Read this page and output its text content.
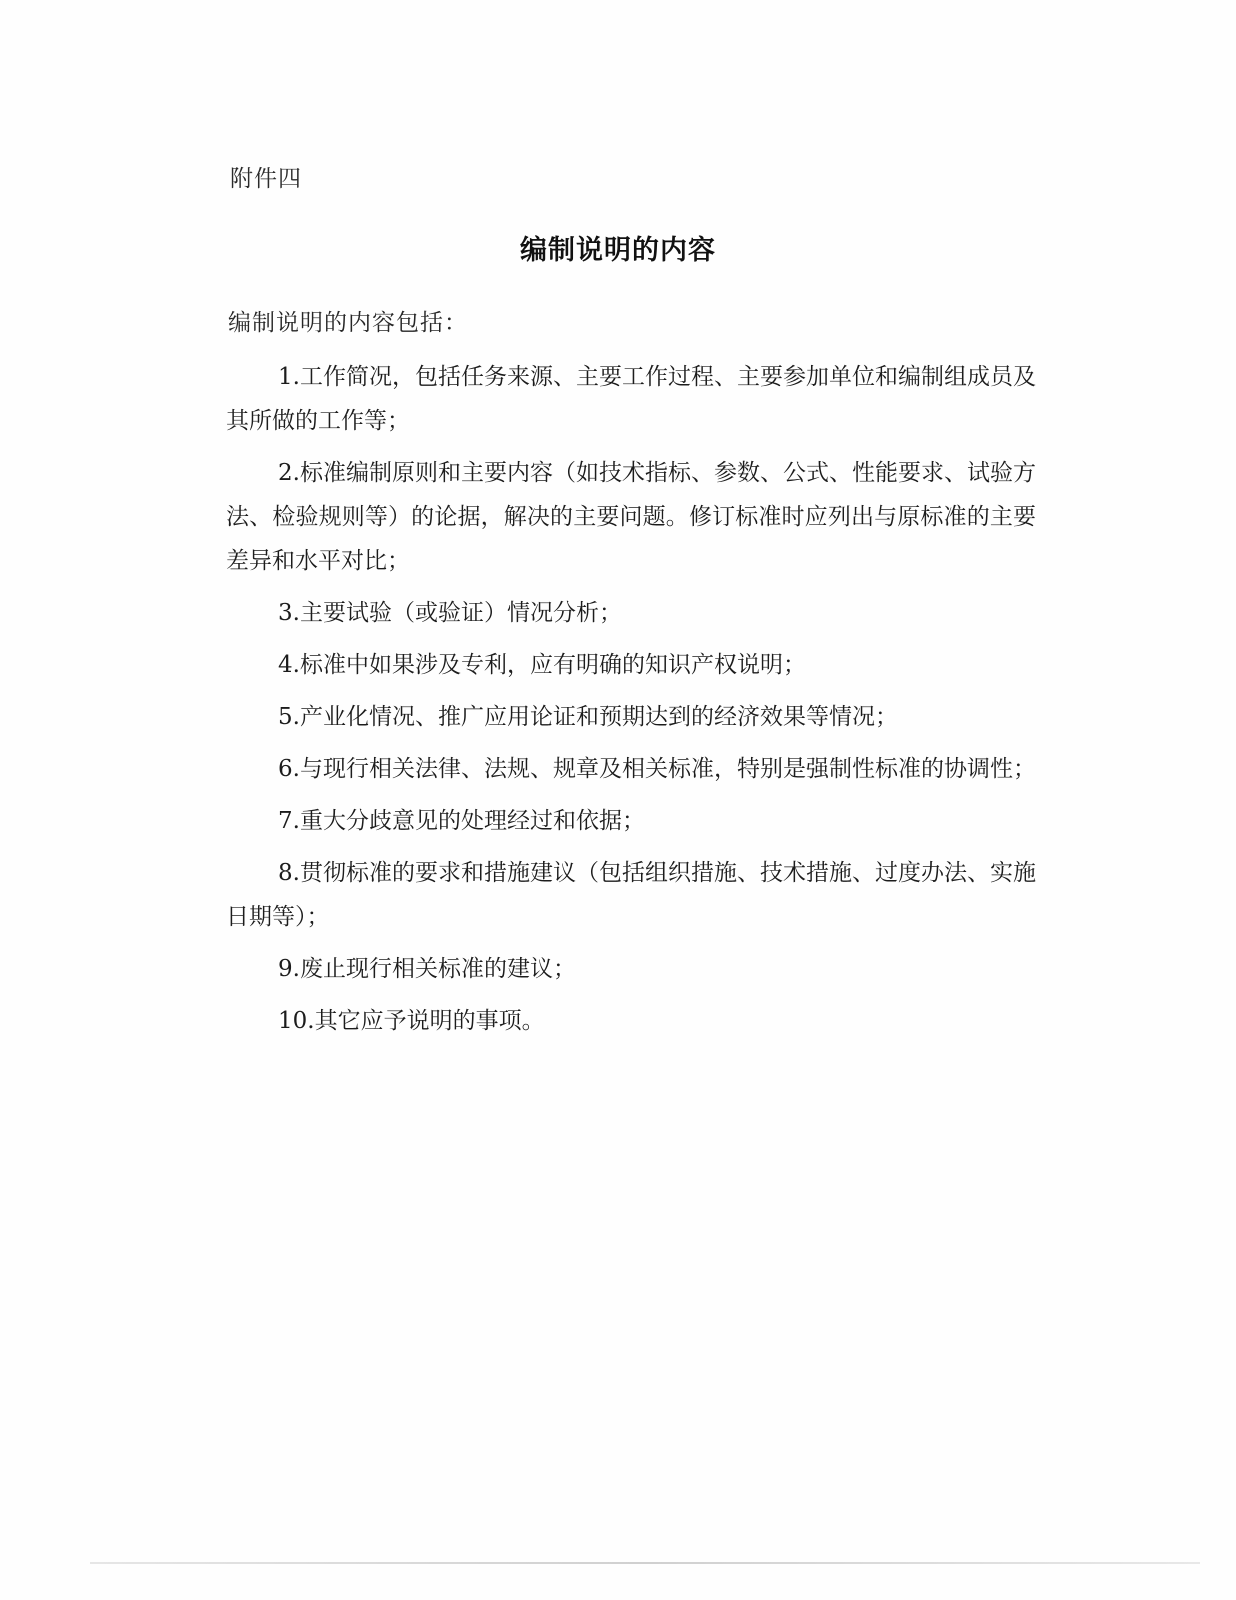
附件四
编制说明的内容
编制说明的内容包括：
1.工作简况，包括任务来源、主要工作过程、主要参加单位和编制组成员及其所做的工作等；
2.标准编制原则和主要内容（如技术指标、参数、公式、性能要求、试验方法、检验规则等）的论据，解决的主要问题。修订标准时应列出与原标准的主要差异和水平对比；
3.主要试验（或验证）情况分析；
4.标准中如果涉及专利，应有明确的知识产权说明；
5.产业化情况、推广应用论证和预期达到的经济效果等情况；
6.与现行相关法律、法规、规章及相关标准，特别是强制性标准的协调性；
7.重大分歧意见的处理经过和依据；
8.贯彻标准的要求和措施建议（包括组织措施、技术措施、过度办法、实施日期等）；
9.废止现行相关标准的建议；
10.其它应予说明的事项。
